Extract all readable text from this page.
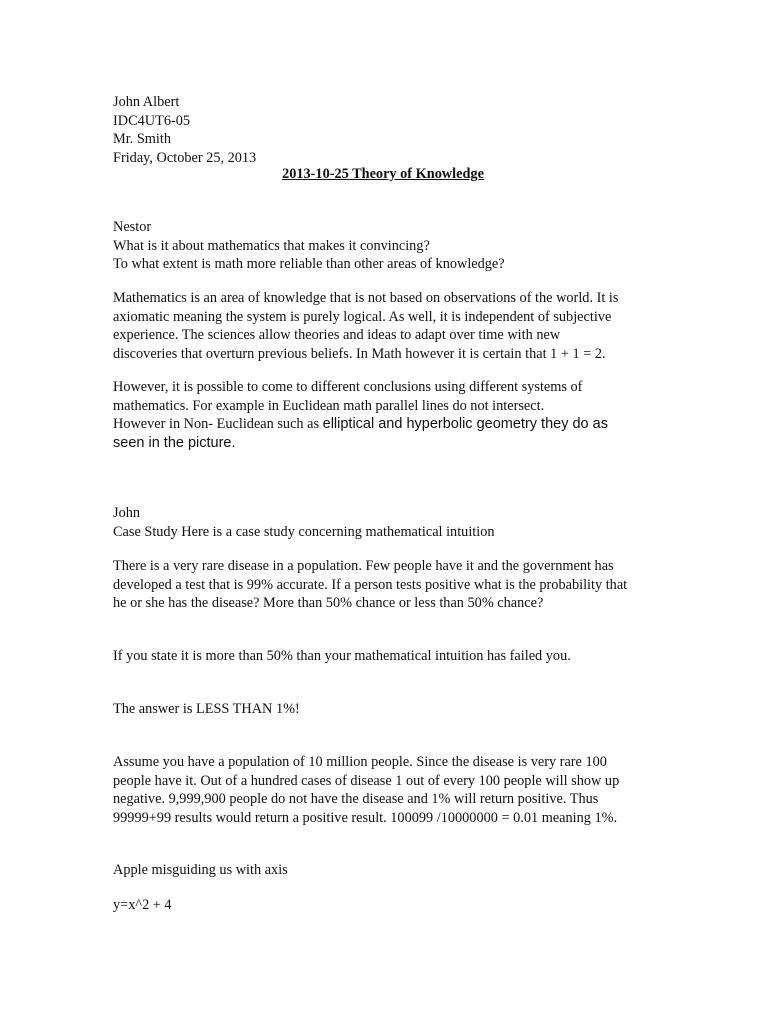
John Albert
IDC4UT6-05
Mr. Smith
Friday, October 25, 2013
2013-10-25 Theory of Knowledge
Nestor
What is it about mathematics that makes it convincing?
To what extent is math more reliable than other areas of knowledge?
Mathematics is an area of knowledge that is not based on observations of the world. It is
axiomatic meaning the system is purely logical. As well, it is independent of subjective
experience. The sciences allow theories and ideas to adapt over time with new
discoveries that overturn previous beliefs. In Math however it is certain that 1 + 1 = 2.
However, it is possible to come to different conclusions using different systems of
mathematics. For example in Euclidean math parallel lines do not intersect.
However in Non- Euclidean such as elliptical and hyperbolic geometry they do as
seen in the picture.
John
Case Study Here is a case study concerning mathematical intuition
There is a very rare disease in a population. Few people have it and the government has
developed a test that is 99% accurate. If a person tests positive what is the probability that
he or she has the disease? More than 50% chance or less than 50% chance?
If you state it is more than 50% than your mathematical intuition has failed you.
The answer is LESS THAN 1%!
Assume you have a population of 10 million people. Since the disease is very rare 100
people have it. Out of a hundred cases of disease 1 out of every 100 people will show up
negative. 9,999,900 people do not have the disease and 1% will return positive. Thus
99999+99 results would return a positive result. 100099 /10000000 = 0.01 meaning 1%.
Apple misguiding us with axis
y=x^2 + 4
